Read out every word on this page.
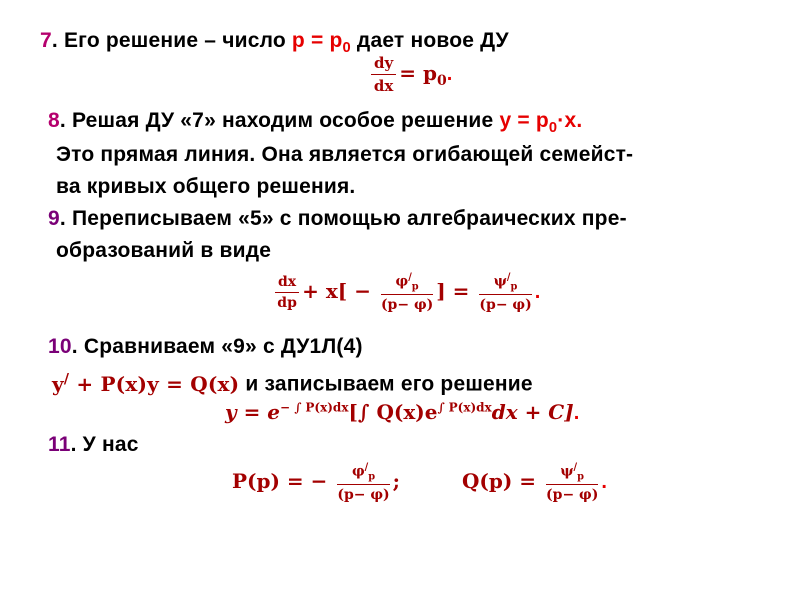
7. Его решение – число $p = p_0$ дает новое ДУ
$\frac{dy}{dx} = p_0$.
8. Решая ДУ «7» находим особое решение $y = p_0\cdot x$.
Это прямая линия. Она является огибающей семейст-
ва кривых общего решения.
9. Переписываем «5» с помощью алгебраических пре-
образований в виде
$\frac{dx}{dp} + x[ - \frac{\varphi^/_p}{(p- \varphi)}$ ] = $\frac{\psi^/_p}{(p- \varphi)}$ .
10. Сравниваем «9» с ДУ1Л(4)
y/ + P(x)y = Q(x) и записываем его решение
$y = e^{- \int P(x)dx}[\int$ $Q(x)e^{\int P(x)dx}dx + C$].
11. У нас
P(p) = − $\frac{\varphi^/_p}{(p- \varphi)}$ ;	$Q(p) = \frac{\psi^/_p}{(p- \varphi)}$ .
